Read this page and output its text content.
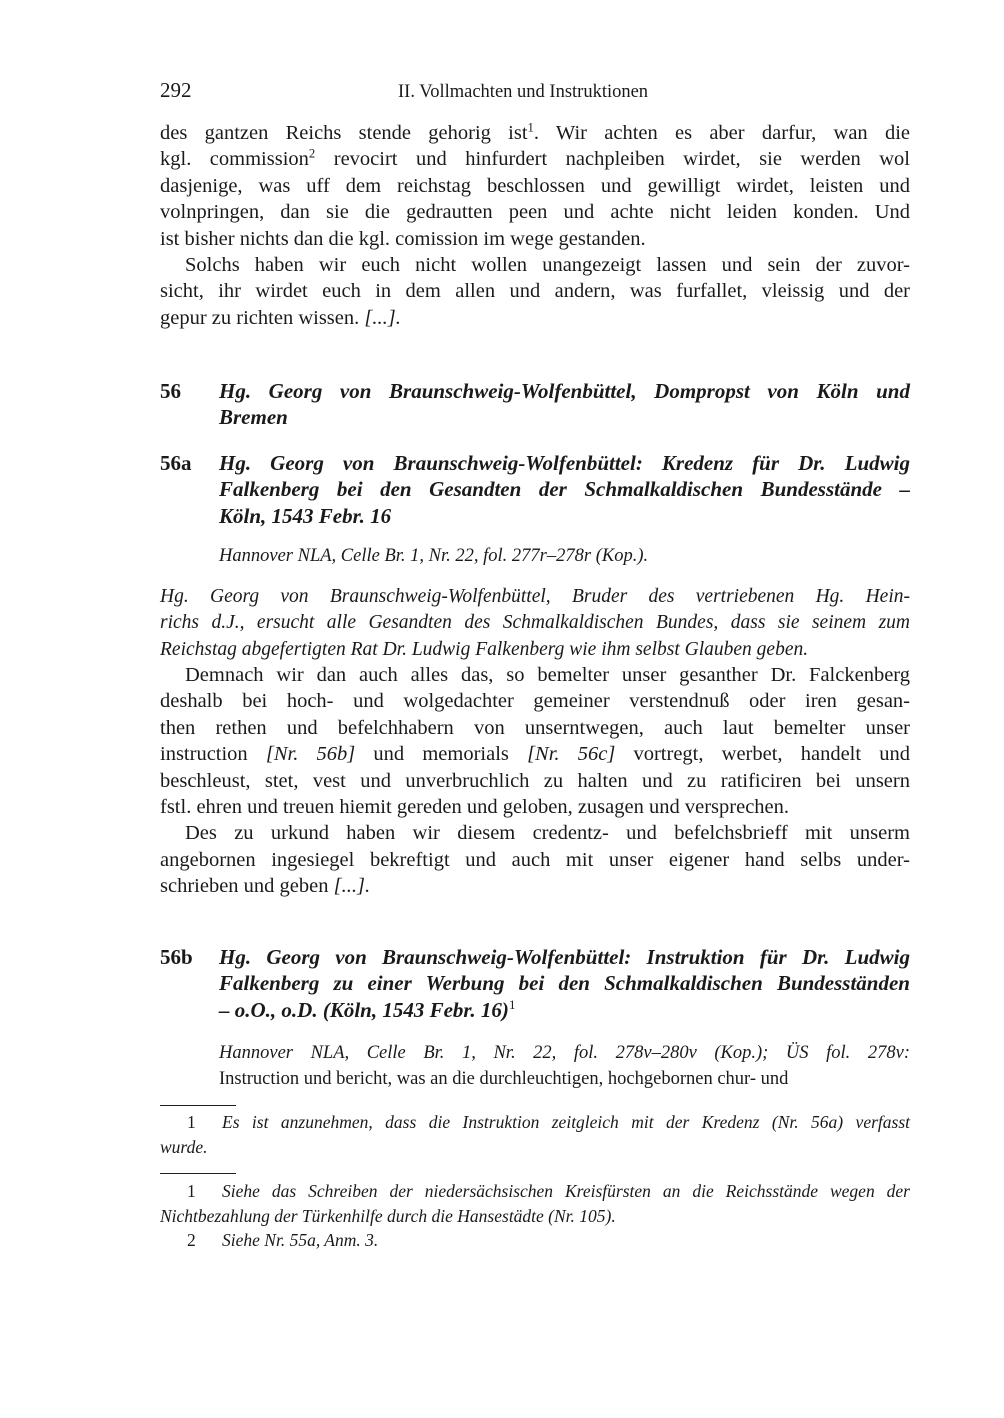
292	II. Vollmachten und Instruktionen
des gantzen Reichs stende gehorig ist$^1$. Wir achten es aber darfur, wan die
kgl. commission$^2$ revocirt und hinfurdert nachpleiben wirdet, sie werden wol
dasjenige, was uff dem reichstag beschlossen und gewilligt wirdet, leisten und
volnpringen, dan sie die gedrautten peen und achte nicht leiden konden. Und
ist bisher nichts dan die kgl. comission im wege gestanden.
Solchs haben wir euch nicht wollen unangezeigt lassen und sein der zuvor-
sicht, ihr wirdet euch in dem allen und andern, was furfallet, vleissig und der
gepur zu richten wissen. [...].
56 Hg. Georg von Braunschweig-Wolfenbüttel, Dompropst von Köln und
Bremen
56a Hg. Georg von Braunschweig-Wolfenbüttel: Kredenz für Dr. Ludwig
Falkenberg bei den Gesandten der Schmalkaldischen Bundesstände –
Köln, 1543 Febr. 16
Hannover NLA, Celle Br. 1, Nr. 22, fol. 277r–278r (Kop.).
Hg. Georg von Braunschweig-Wolfenbüttel, Bruder des vertriebenen Hg. Hein-
richs d.J., ersucht alle Gesandten des Schmalkaldischen Bundes, dass sie seinem zum
Reichstag abgefertigten Rat Dr. Ludwig Falkenberg wie ihm selbst Glauben geben.
Demnach wir dan auch alles das, so bemelter unser gesanther Dr. Falckenberg
deshalb bei hoch- und wolgedachter gemeiner verstendnuß oder iren gesan-
then rethen und befelchhabern von unserntwegen, auch laut bemelter unser
instruction [Nr. 56b] und memorials [Nr. 56c] vortregt, werbet, handelt und
beschleust, stet, vest und unverbruchlich zu halten und zu ratificiren bei unsern
fstl. ehren und treuen hiemit gereden und geloben, zusagen und versprechen.
Des zu urkund haben wir diesem credentz- und befelchsbrieff mit unserm
angebornen ingesiegel bekreftigt und auch mit unser eigener hand selbs under-
schrieben und geben [...].
56b Hg. Georg von Braunschweig-Wolfenbüttel: Instruktion für Dr. Ludwig
Falkenberg zu einer Werbung bei den Schmalkaldischen Bundesständen
– o.O., o.D. (Köln, 1543 Febr. 16)$^1$
Hannover NLA, Celle Br. 1, Nr. 22, fol. 278v–280v (Kop.); ÜS fol. 278v:
Instruction und bericht, was an die durchleuchtigen, hochgebornen chur- und
1 Es ist anzunehmen, dass die Instruktion zeitgleich mit der Kredenz (Nr. 56a) verfasst
wurde.
1 Siehe das Schreiben der niedersächsischen Kreisfürsten an die Reichsstände wegen der
Nichtbezahlung der Türkenhilfe durch die Hansestädte (Nr. 105).
2 Siehe Nr. 55a, Anm. 3.
